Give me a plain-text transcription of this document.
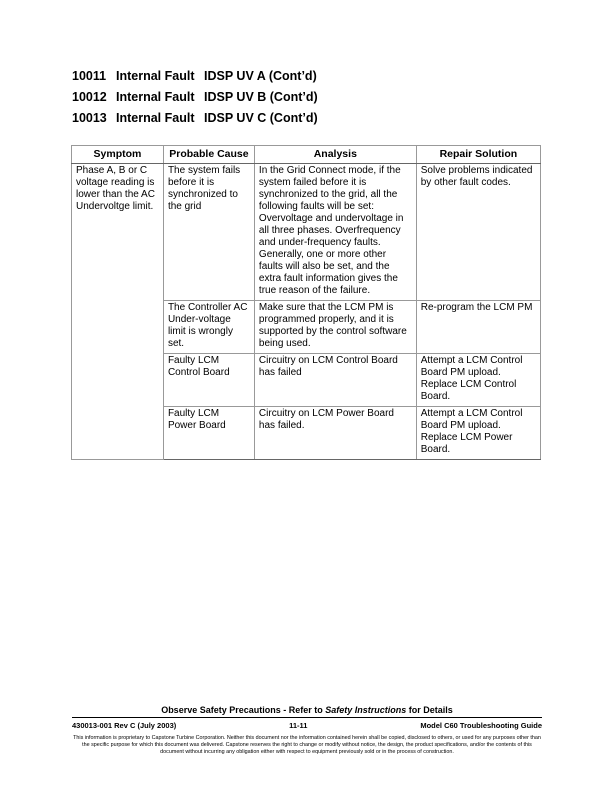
10011 Internal Fault IDSP UV A (Cont’d)
10012 Internal Fault IDSP UV B (Cont’d)
10013 Internal Fault IDSP UV C (Cont’d)
Symptom	Probable Cause	Analysis	Repair Solution
Phase A, B or C voltage reading is lower than the AC Undervoltge limit.	The system fails before it is synchronized to the grid	In the Grid Connect mode, if the system failed before it is synchronized to the grid, all the following faults will be set: Overvoltage and undervoltage in all three phases. Overfrequency and under-frequency faults. Generally, one or more other faults will also be set, and the extra fault information gives the true reason of the failure.	Solve problems indicated by other fault codes.
	The Controller AC Under-voltage limit is wrongly set.	Make sure that the LCM PM is programmed properly, and it is supported by the control software being used.	Re-program the LCM PM
	Faulty LCM Control Board	Circuitry on LCM Control Board has failed	Attempt a LCM Control Board PM upload. Replace LCM Control Board.
	Faulty LCM Power Board	Circuitry on LCM Power Board has failed.	Attempt a LCM Control Board PM upload. Replace LCM Power Board.
Observe Safety Precautions - Refer to Safety Instructions for Details
430013-001 Rev C (July 2003)	11-11	Model C60 Troubleshooting Guide
This information is proprietary to Capstone Turbine Corporation. Neither this document nor the information contained herein shall be copied, disclosed to others, or used for any purposes other than the specific purpose for which this document was delivered. Capstone reserves the right to change or modify without notice, the design, the product specifications, and/or the contents of this document without incurring any obligation either with respect to equipment previously sold or in the process of construction.
